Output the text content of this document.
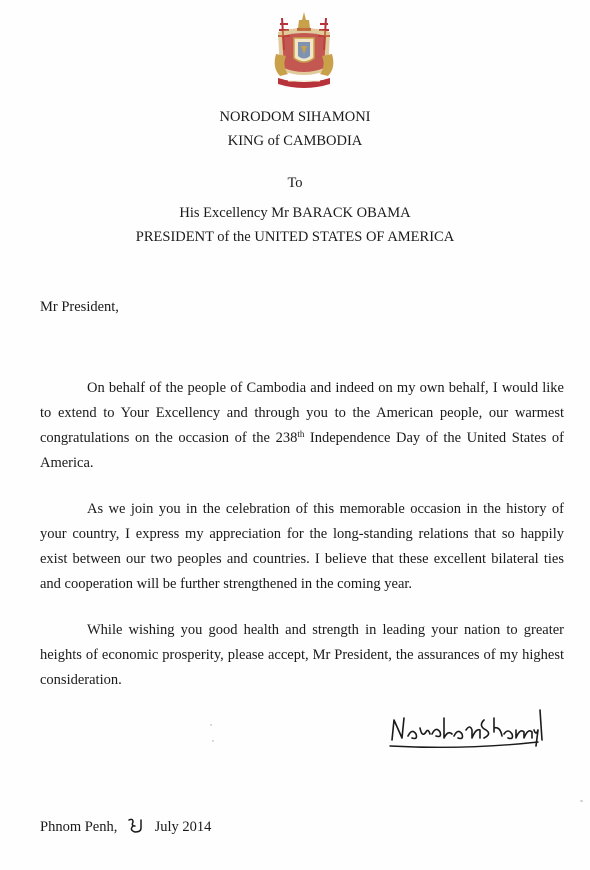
NORODOM SIHAMONI
KING of CAMBODIA
To
His Excellency Mr BARACK OBAMA
PRESIDENT of the UNITED STATES OF AMERICA
Mr President,

On behalf of the people of Cambodia and indeed on my own behalf, I would like to extend to Your Excellency and through you to the American people, our warmest congratulations on the occasion of the 238th Independence Day of the United States of America.

As we join you in the celebration of this memorable occasion in the history of your country, I express my appreciation for the long-standing relations that so happily exist between our two peoples and countries. I believe that these excellent bilateral ties and cooperation will be further strengthened in the coming year.

While wishing you good health and strength in leading your nation to greater heights of economic prosperity, please accept, Mr President, the assurances of my highest consideration.

Phnom Penh,	July 2014
